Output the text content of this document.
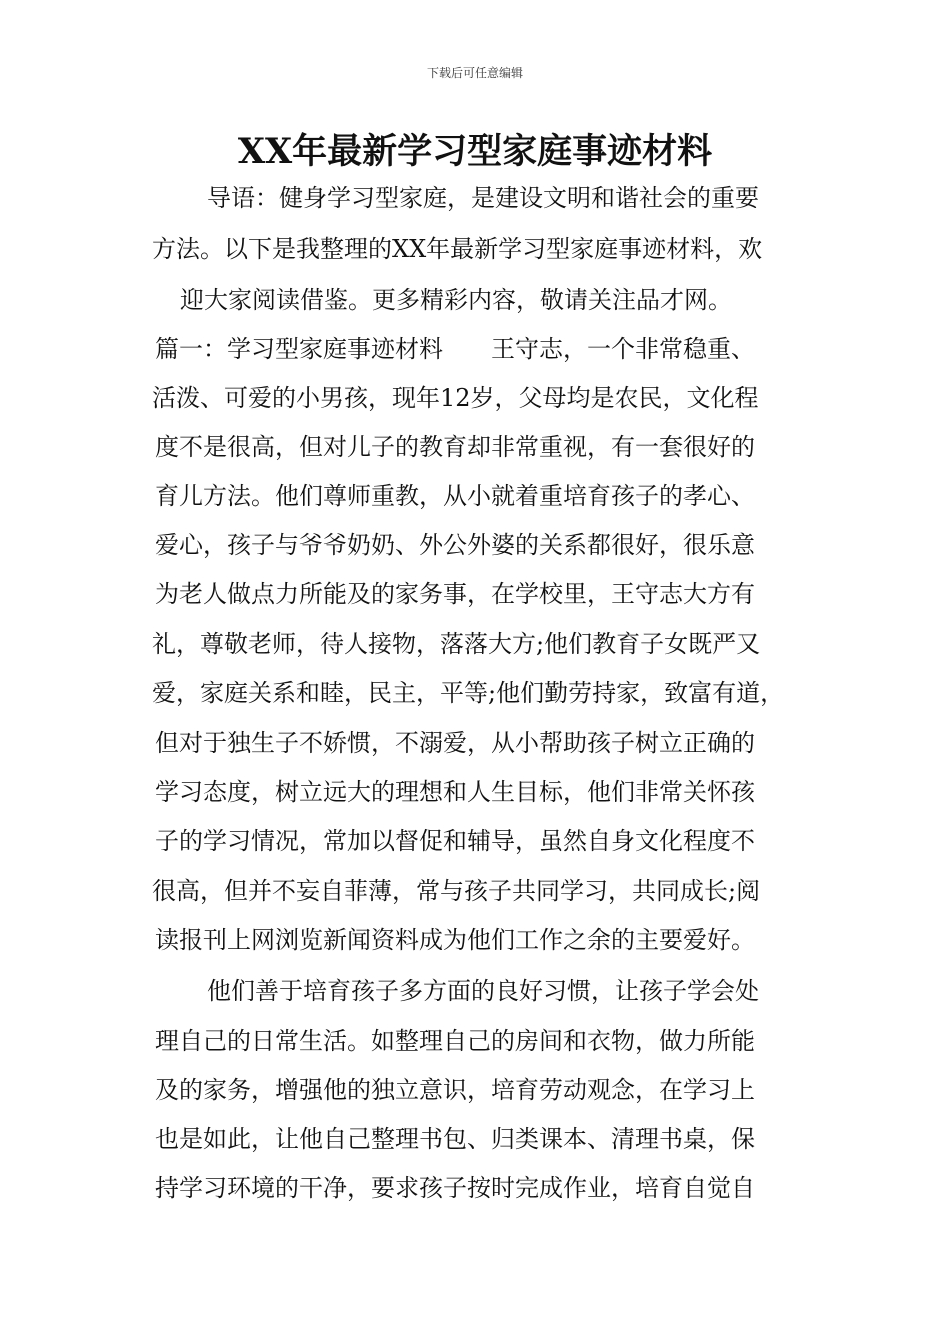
下载后可任意编辑
XX年最新学习型家庭事迹材料

导语：健身学习型家庭，是建设文明和谐社会的重要

方法。以下是我整理的XX年最新学习型家庭事迹材料，欢

迎大家阅读借鉴。更多精彩内容，敬请关注品才网。

篇一：学习型家庭事迹材料　　王守志，一个非常稳重、

活泼、可爱的小男孩，现年12岁，父母均是农民，文化程

度不是很高，但对儿子的教育却非常重视，有一套很好的

育儿方法。他们尊师重教，从小就着重培育孩子的孝心、

爱心，孩子与爷爷奶奶、外公外婆的关系都很好，很乐意

为老人做点力所能及的家务事，在学校里，王守志大方有

礼，尊敬老师，待人接物，落落大方;他们教育子女既严又

爱，家庭关系和睦，民主，平等;他们勤劳持家，致富有道，

但对于独生子不娇惯，不溺爱，从小帮助孩子树立正确的

学习态度，树立远大的理想和人生目标，他们非常关怀孩

子的学习情况，常加以督促和辅导，虽然自身文化程度不

很高，但并不妄自菲薄，常与孩子共同学习，共同成长;阅

读报刊上网浏览新闻资料成为他们工作之余的主要爱好。

他们善于培育孩子多方面的良好习惯，让孩子学会处

理自己的日常生活。如整理自己的房间和衣物，做力所能

及的家务，增强他的独立意识，培育劳动观念，在学习上

也是如此，让他自己整理书包、归类课本、清理书桌，保

持学习环境的干净，要求孩子按时完成作业，培育自觉自
